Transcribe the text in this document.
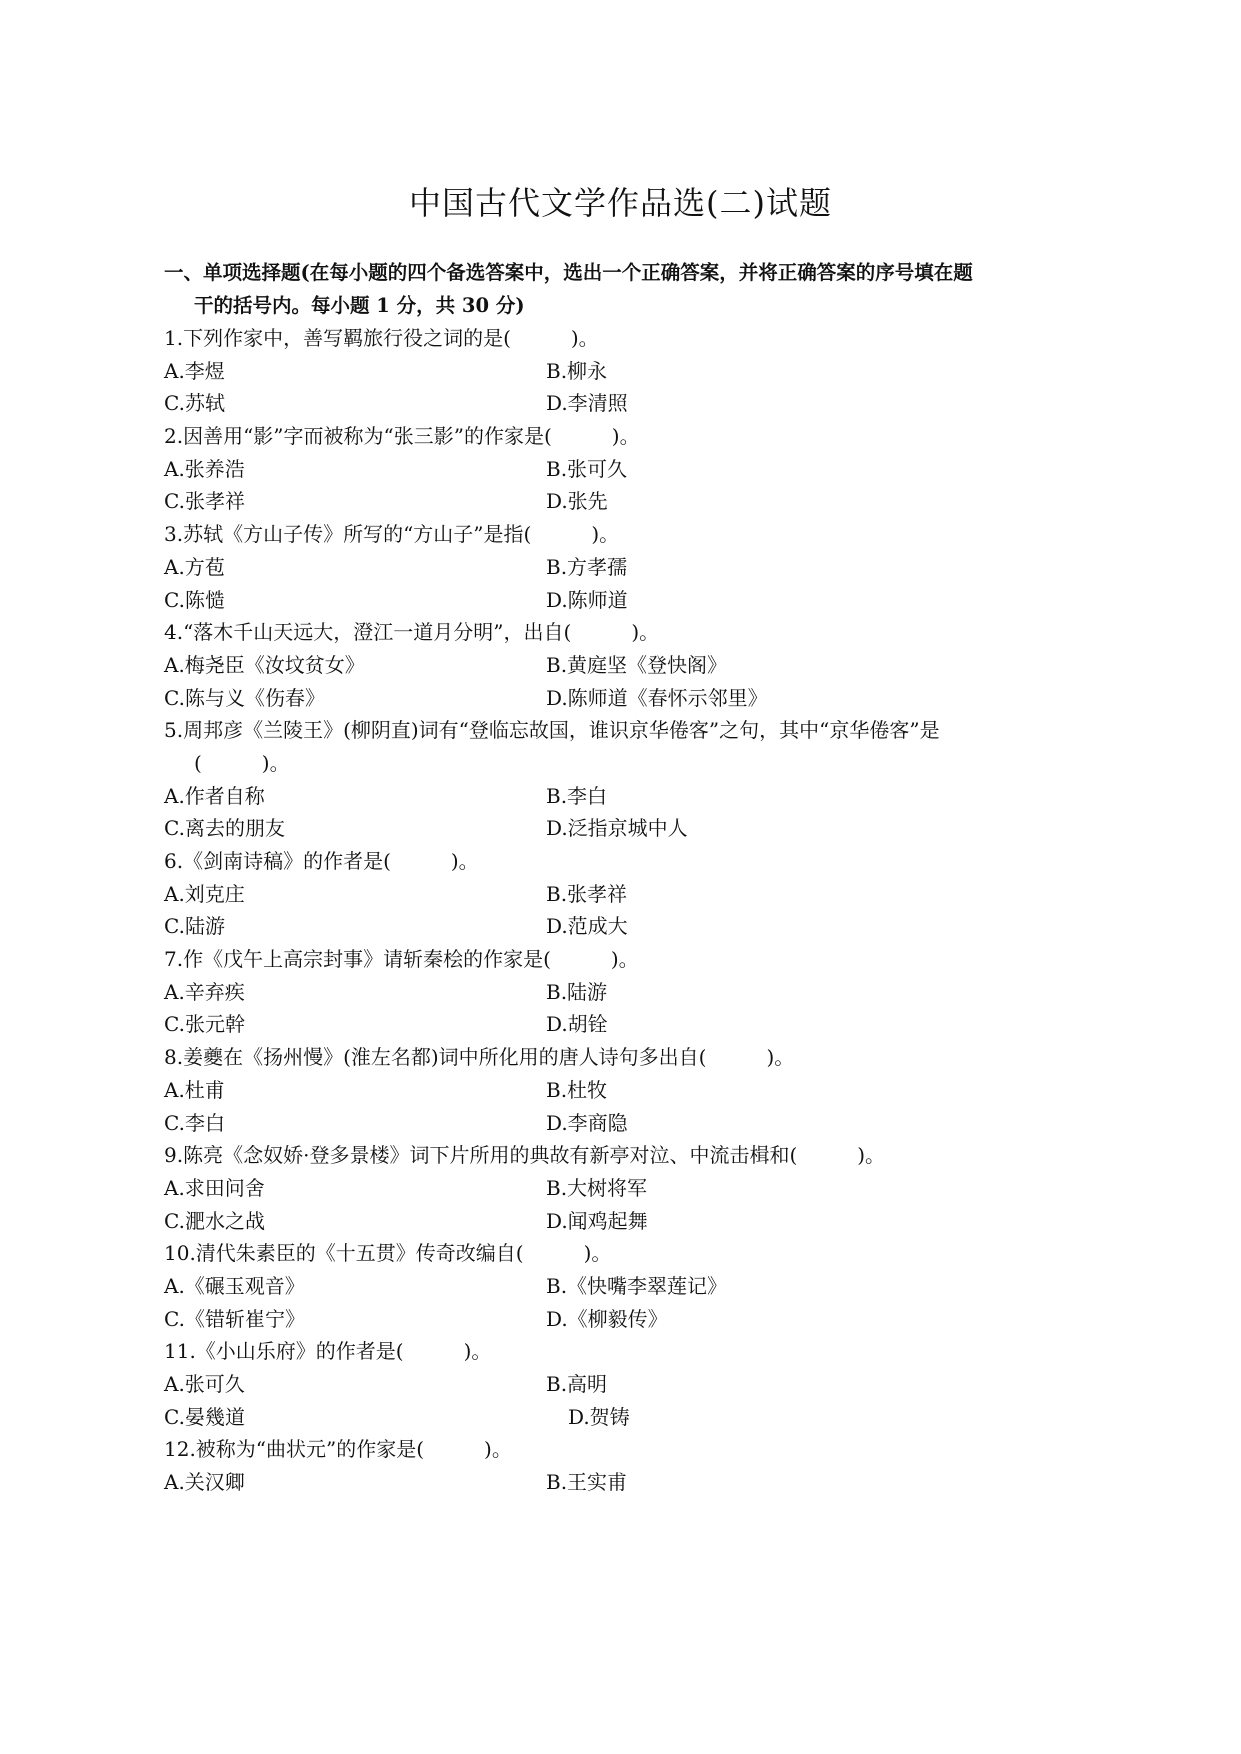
中国古代文学作品选(二)试题
一、单项选择题(在每小题的四个备选答案中，选出一个正确答案，并将正确答案的序号填在题
干的括号内。每小题 1 分，共 30 分)
1.下列作家中，善写羁旅行役之词的是(　　　)。
A.李煜	B.柳永
C.苏轼	D.李清照
2.因善用“影”字而被称为“张三影”的作家是(　　　)。
A.张养浩	B.张可久
C.张孝祥	D.张先
3.苏轼《方山子传》所写的“方山子”是指(　　　)。
A.方苞	B.方孝孺
C.陈慥	D.陈师道
4.“落木千山天远大，澄江一道月分明”，出自(　　　)。
A.梅尧臣《汝坟贫女》	B.黄庭坚《登快阁》
C.陈与义《伤春》	D.陈师道《春怀示邻里》
5.周邦彦《兰陵王》(柳阴直)词有“登临忘故国，谁识京华倦客”之句，其中“京华倦客”是
(　　　)。
A.作者自称	B.李白
C.离去的朋友	D.泛指京城中人
6.《剑南诗稿》的作者是(　　　)。
A.刘克庄	B.张孝祥
C.陆游	D.范成大
7.作《戊午上高宗封事》请斩秦桧的作家是(　　　)。
A.辛弃疾	B.陆游
C.张元幹	D.胡铨
8.姜夔在《扬州慢》(淮左名都)词中所化用的唐人诗句多出自(　　　)。
A.杜甫	B.杜牧
C.李白	D.李商隐
9.陈亮《念奴娇·登多景楼》词下片所用的典故有新亭对泣、中流击楫和(　　　)。
A.求田问舍	B.大树将军
C.淝水之战	D.闻鸡起舞
10.清代朱素臣的《十五贯》传奇改编自(　　　)。
A.《碾玉观音》	B.《快嘴李翠莲记》
C.《错斩崔宁》	D.《柳毅传》
11.《小山乐府》的作者是(　　　)。
A.张可久	B.高明
C.晏幾道	D.贺铸
12.被称为“曲状元”的作家是(　　　)。
A.关汉卿	B.王实甫
